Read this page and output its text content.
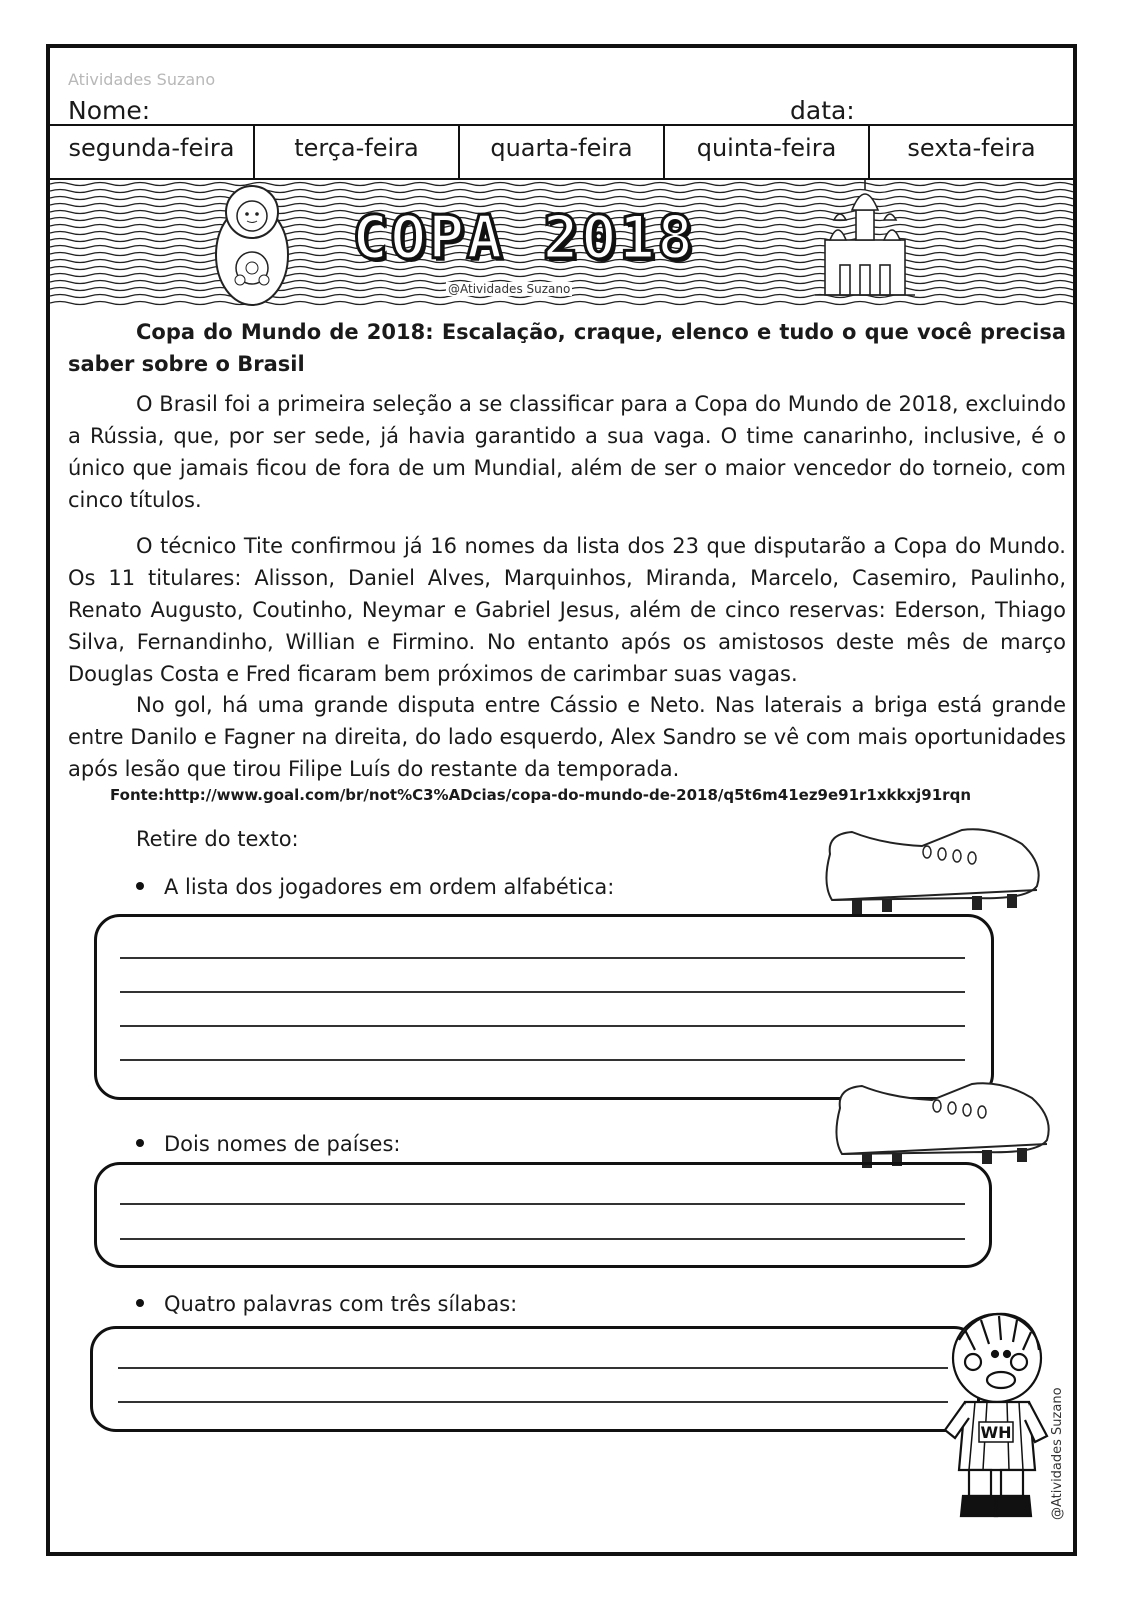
Atividades Suzano
Nome:	data:
segunda-feira	terça-feira	quarta-feira	quinta-feira	sexta-feira
COPA 2018
@Atividades Suzano
Copa do Mundo de 2018: Escalação, craque, elenco e tudo o que você precisa saber sobre o Brasil
O Brasil foi a primeira seleção a se classificar para a Copa do Mundo de 2018, excluindo a Rússia, que, por ser sede, já havia garantido a sua vaga. O time canarinho, inclusive, é o único que jamais ficou de fora de um Mundial, além de ser o maior vencedor do torneio, com cinco títulos.
O técnico Tite confirmou já 16 nomes da lista dos 23 que disputarão a Copa do Mundo. Os 11 titulares: Alisson, Daniel Alves, Marquinhos, Miranda, Marcelo, Casemiro, Paulinho, Renato Augusto, Coutinho, Neymar e Gabriel Jesus, além de cinco reservas: Ederson, Thiago Silva, Fernandinho, Willian e Firmino. No entanto após os amistosos deste mês de março Douglas Costa e Fred ficaram bem próximos de carimbar suas vagas.
No gol, há uma grande disputa entre Cássio e Neto. Nas laterais a briga está grande entre Danilo e Fagner na direita, do lado esquerdo, Alex Sandro se vê com mais oportunidades após lesão que tirou Filipe Luís do restante da temporada.
Fonte:http://www.goal.com/br/not%C3%ADcias/copa-do-mundo-de-2018/q5t6m41ez9e91r1xkkxj91rqn
Retire do texto:
A lista dos jogadores em ordem alfabética:
Dois nomes de países:
Quatro palavras com três sílabas:
WH	@Atividades Suzano
